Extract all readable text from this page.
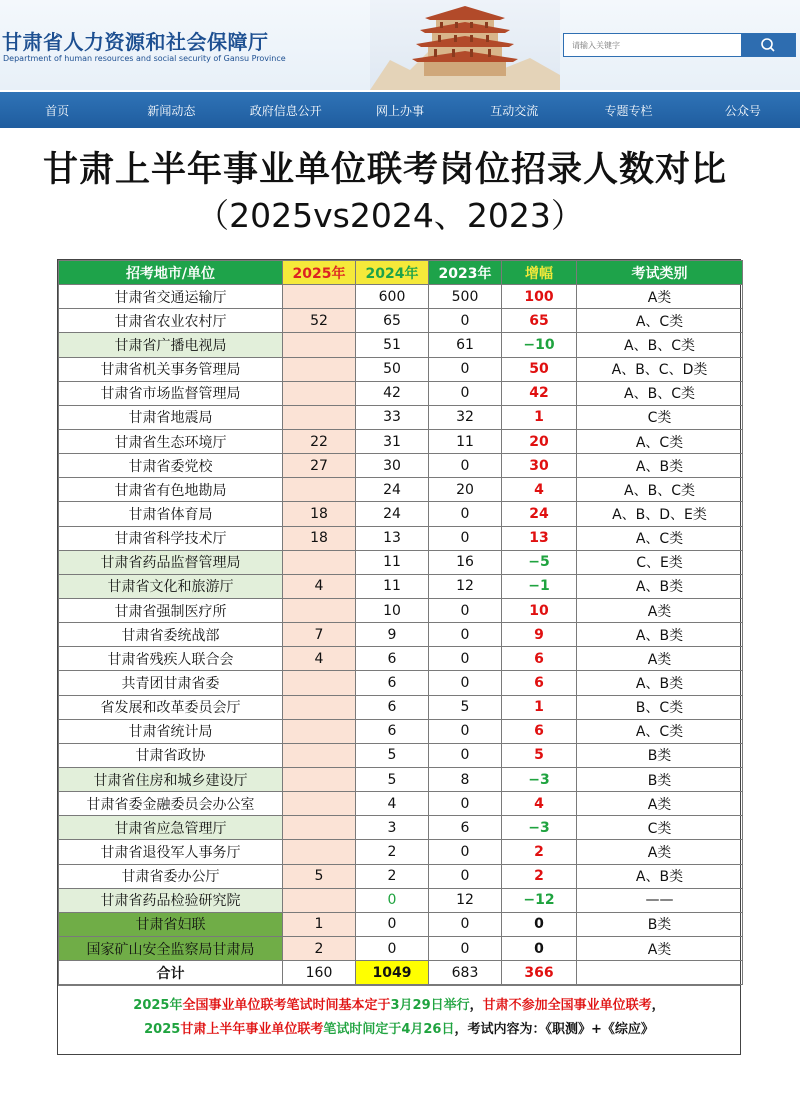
甘肃省人力资源和社会保障厅
Department of human resources and social security of Gansu Province
请输入关键字
首页	新闻动态	政府信息公开	网上办事	互动交流	专题专栏	公众号
甘肃上半年事业单位联考岗位招录人数对比
（2025vs2024、2023）
招考地市/单位	2025年	2024年	2023年	增幅	考试类别
甘肃省交通运输厅		600	500	100	A类
甘肃省农业农村厅	52	65	0	65	A、C类
甘肃省广播电视局		51	61	−10	A、B、C类
甘肃省机关事务管理局		50	0	50	A、B、C、D类
甘肃省市场监督管理局		42	0	42	A、B、C类
甘肃省地震局		33	32	1	C类
甘肃省生态环境厅	22	31	11	20	A、C类
甘肃省委党校	27	30	0	30	A、B类
甘肃省有色地勘局		24	20	4	A、B、C类
甘肃省体育局	18	24	0	24	A、B、D、E类
甘肃省科学技术厅	18	13	0	13	A、C类
甘肃省药品监督管理局		11	16	−5	C、E类
甘肃省文化和旅游厅	4	11	12	−1	A、B类
甘肃省强制医疗所		10	0	10	A类
甘肃省委统战部	7	9	0	9	A、B类
甘肃省残疾人联合会	4	6	0	6	A类
共青团甘肃省委		6	0	6	A、B类
省发展和改革委员会厅		6	5	1	B、C类
甘肃省统计局		6	0	6	A、C类
甘肃省政协		5	0	5	B类
甘肃省住房和城乡建设厅		5	8	−3	B类
甘肃省委金融委员会办公室		4	0	4	A类
甘肃省应急管理厅		3	6	−3	C类
甘肃省退役军人事务厅		2	0	2	A类
甘肃省委办公厅	5	2	0	2	A、B类
甘肃省药品检验研究院		0	12	−12	——
甘肃省妇联	1	0	0	0	B类
国家矿山安全监察局甘肃局	2	0	0	0	A类
合计	160	1049	683	366	
2025年全国事业单位联考笔试时间基本定于3月29日举行，甘肃不参加全国事业单位联考，
2025甘肃上半年事业单位联考笔试时间定于4月26日，考试内容为：《职测》+《综应》
